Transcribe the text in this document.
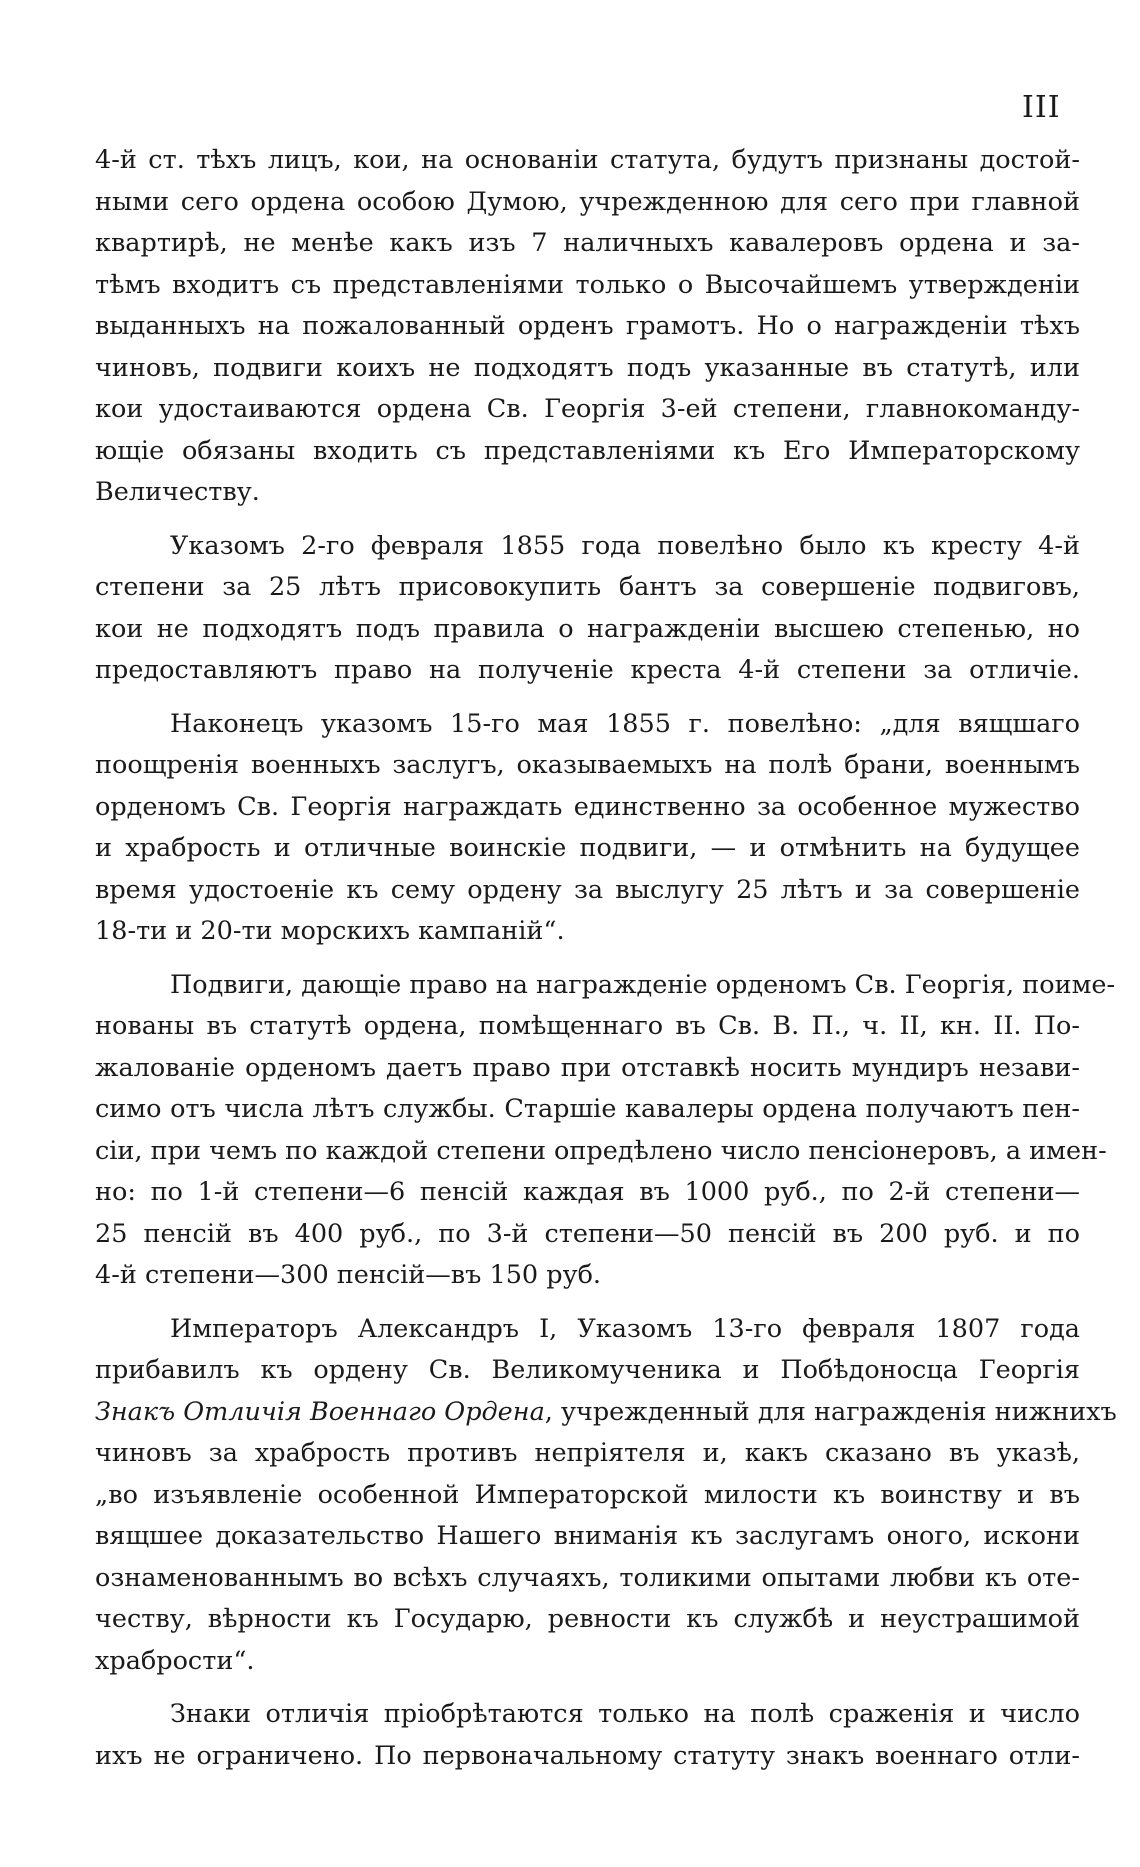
III
4-й ст. тѣхъ лицъ, кои, на основаніи статута, будутъ признаны достой-
ными сего ордена особою Думою, учрежденною для сего при главной
квартирѣ, не менѣе какъ изъ 7 наличныхъ кавалеровъ ордена и за-
тѣмъ входитъ съ представленіями только о Высочайшемъ утвержденіи
выданныхъ на пожалованный орденъ грамотъ. Но о награжденіи тѣхъ
чиновъ, подвиги коихъ не подходятъ подъ указанные въ статутѣ, или
кои удостаиваются ордена Св. Георгія 3-ей степени, главнокоманду-
ющіе обязаны входить съ представленіями къ Его Императорскому
Величеству.
Указомъ 2-го февраля 1855 года повелѣно было къ кресту 4-й
степени за 25 лѣтъ присовокупить бантъ за совершеніе подвиговъ,
кои не подходятъ подъ правила о награжденіи высшею степенью, но
предоставляютъ право на полученіе креста 4-й степени за отличіе.
Наконецъ указомъ 15-го мая 1855 г. повелѣно: „для вящшаго
поощренія военныхъ заслугъ, оказываемыхъ на полѣ брани, военнымъ
орденомъ Св. Георгія награждать единственно за особенное мужество
и храбрость и отличные воинскіе подвиги, — и отмѣнить на будущее
время удостоеніе къ сему ордену за выслугу 25 лѣтъ и за совершеніе
18-ти и 20-ти морскихъ кампаній“.
Подвиги, дающіе право на награжденіе орденомъ Св. Георгія, поимe-
нованы въ статутѣ ордена, помѣщеннаго въ Св. В. П., ч. II, кн. II. По-
жалованіе орденомъ даетъ право при отставкѣ носить мундиръ незави-
симо отъ числа лѣтъ службы. Старшіе кавалеры ордена получаютъ пен-
сіи, при чемъ по каждой степени опредѣлено число пенсіонеровъ, а имен-
но: по 1-й степени—6 пенсій каждая въ 1000 руб., по 2-й степени—
25 пенсій въ 400 руб., по 3-й степени—50 пенсій въ 200 руб. и по
4-й степени—300 пенсій—въ 150 руб.
Императоръ Александръ I, Указомъ 13-го февраля 1807 года
прибавилъ къ ордену Св. Великомученика и Побѣдоносца Георгія
Знакъ Отличія Военнаго Ордена, учрежденный для награжденія нижнихъ
чиновъ за храбрость противъ непріятеля и, какъ сказано въ указѣ,
„во изъявленіе особенной Императорской милости къ воинству и въ
вящшее доказательство Нашего вниманія къ заслугамъ оного, искони
ознаменованнымъ во всѣхъ случаяхъ, толикими опытами любви къ оте-
честву, вѣрности къ Государю, ревности къ службѣ и неустрашимой
храбрости“.
Знаки отличія пріобрѣтаются только на полѣ сраженія и число
ихъ не ограничено. По первоначальному статуту знакъ военнаго отли-
